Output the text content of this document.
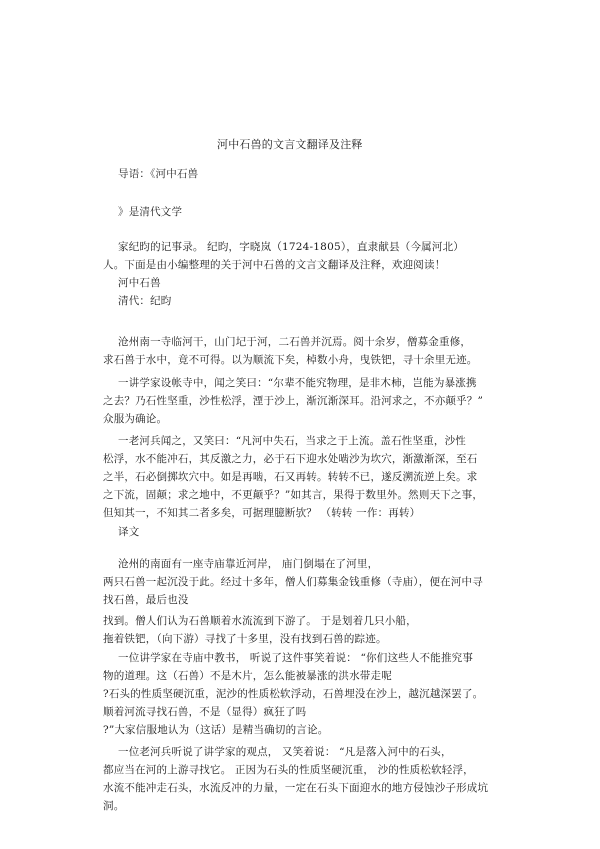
河中石兽的文言文翻译及注释

导语：《河中石兽

》是清代文学

家纪昀的记事录。 纪昀，字晓岚（1724-1805），直隶献县（今属河北）

人。下面是由小编整理的关于河中石兽的文言文翻译及注释，欢迎阅读！

河中石兽

清代：纪昀

沧州南一寺临河干，山门圮于河，二石兽并沉焉。阅十余岁，僧募金重修，

求石兽于水中，竟不可得。以为顺流下矣，棹数小舟，曳铁钯，寻十余里无迹。

一讲学家设帐寺中，闻之笑曰：“尔辈不能究物理，是非木柿，岂能为暴涨携

之去？乃石性坚重，沙性松浮，湮于沙上，渐沉渐深耳。沿河求之，不亦颠乎？”

众服为确论。

一老河兵闻之，又笑曰：“凡河中失石，当求之于上流。盖石性坚重，沙性

松浮，水不能冲石，其反激之力，必于石下迎水处啮沙为坎穴，渐激渐深，至石

之半，石必倒掷坎穴中。如是再啮，石又再转。转转不已，遂反溯流逆上矣。求

之下流，固颠；求之地中，不更颠乎？”如其言，果得于数里外。然则天下之事，

但知其一，不知其二者多矣，可据理臆断欤？ （转转 一作：再转）

译文

沧州的南面有一座寺庙靠近河岸， 庙门倒塌在了河里，

两只石兽一起沉没于此。经过十多年，僧人们募集金钱重修（寺庙），便在河中寻

找石兽，最后也没

找到。僧人们认为石兽顺着水流流到下游了。 于是划着几只小船，

拖着铁钯，（向下游）寻找了十多里，没有找到石兽的踪迹。

一位讲学家在寺庙中教书， 听说了这件事笑着说： “你们这些人不能推究事

物的道理。这（石兽）不是木片，怎么能被暴涨的洪水带走呢

?石头的性质坚硬沉重，泥沙的性质松软浮动，石兽埋没在沙上，越沉越深罢了。

顺着河流寻找石兽，不是（显得）疯狂了吗

?”大家信服地认为（这话）是精当确切的言论。

一位老河兵听说了讲学家的观点， 又笑着说： “凡是落入河中的石头，

都应当在河的上游寻找它。 正因为石头的性质坚硬沉重， 沙的性质松软轻浮，

水流不能冲走石头，水流反冲的力量，一定在石头下面迎水的地方侵蚀沙子形成坑

洞。
